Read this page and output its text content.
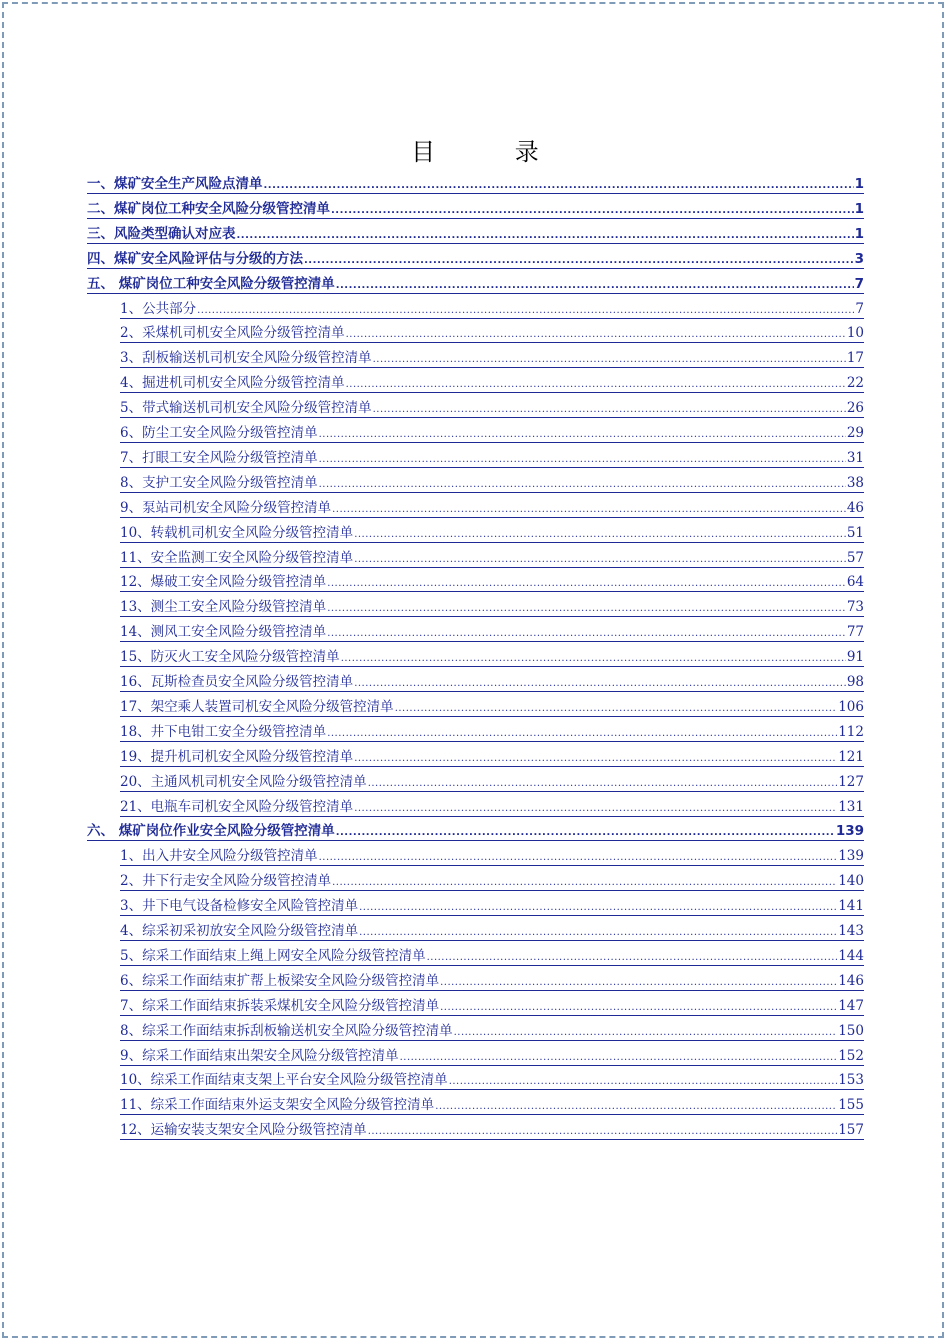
目 录
一、煤矿安全生产风险点清单 .....	1
二、煤矿岗位工种安全风险分级管控清单 .....	1
三、风险类型确认对应表 .....	1
四、煤矿安全风险评估与分级的方法 .....	3
五、 煤矿岗位工种安全风险分级管控清单 .....	7
1、公共部分 .....	7
2、采煤机司机安全风险分级管控清单 .....	10
3、刮板输送机司机安全风险分级管控清单 .....	17
4、掘进机司机安全风险分级管控清单 .....	22
5、带式输送机司机安全风险分级管控清单 .....	26
6、防尘工安全风险分级管控清单 .....	29
7、打眼工安全风险分级管控清单 .....	31
8、支护工安全风险分级管控清单 .....	38
9、泵站司机安全风险分级管控清单 .....	46
10、转载机司机安全风险分级管控清单 .....	51
11、安全监测工安全风险分级管控清单 .....	57
12、爆破工安全风险分级管控清单 .....	64
13、测尘工安全风险分级管控清单 .....	73
14、测风工安全风险分级管控清单 .....	77
15、防灭火工安全风险分级管控清单 .....	91
16、瓦斯检查员安全风险分级管控清单 .....	98
17、架空乘人装置司机安全风险分级管控清单 .....	106
18、井下电钳工安全分级管控清单 .....	112
19、提升机司机安全风险分级管控清单 .....	121
20、主通风机司机安全风险分级管控清单 .....	127
21、电瓶车司机安全风险分级管控清单 .....	131
六、 煤矿岗位作业安全风险分级管控清单 .....	139
1、出入井安全风险分级管控清单 .....	139
2、井下行走安全风险分级管控清单 .....	140
3、井下电气设备检修安全风险管控清单 .....	141
4、综采初采初放安全风险分级管控清单 .....	143
5、综采工作面结束上绳上网安全风险分级管控清单 .....	144
6、综采工作面结束扩帮上板梁安全风险分级管控清单 .....	146
7、综采工作面结束拆装采煤机安全风险分级管控清单 .....	147
8、综采工作面结束拆刮板输送机安全风险分级管控清单 .....	150
9、综采工作面结束出架安全风险分级管控清单 .....	152
10、综采工作面结束支架上平台安全风险分级管控清单 .....	153
11、综采工作面结束外运支架安全风险分级管控清单 .....	155
12、运输安装支架安全风险分级管控清单 .....	157
